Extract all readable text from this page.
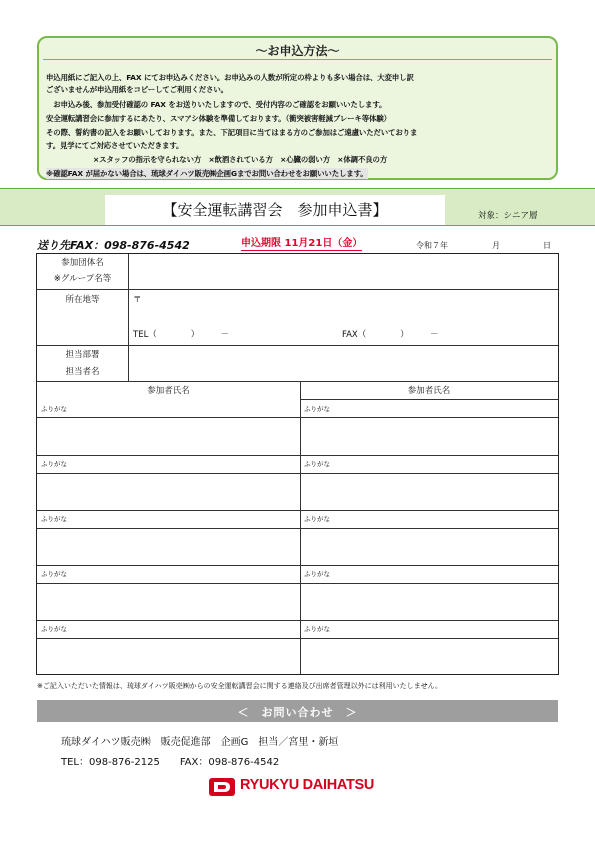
～お申込方法～
申込用紙にご記入の上、FAX にてお申込みください。お申込みの人数が所定の枠よりも多い場合は、大変申し訳
ございませんが申込用紙をコピーしてご利用ください。
　お申込み後、参加受付確認の FAX をお送りいたしますので、受付内容のご確認をお願いいたします。
安全運転講習会に参加するにあたり、スマアシ体験を準備しております。（衝突被害軽減ブレーキ等体験）
その際、誓約書の記入をお願いしております。また、下記項目に当てはまる方のご参加はご遠慮いただいておりま
す。見学にてご対応させていただきます。
×スタッフの指示を守られない方　×飲酒されている方　×心臓の弱い方　×体調不良の方
※確認FAX が届かない場合は、琉球ダイハツ販売㈱企画Gまでお問い合わせをお願いいたします。
【安全運転講習会　参加申込書】	対象：シニア層
送り先FAX：098-876-4542	申込期限 11月21日（金）	令和７年	月	日
参加団体名
※グループ名等
所在地等	〒
TEL（　　　　）　　　－	FAX（　　　　）　　　－
担当部署
担当者名
参加者氏名	参加者氏名
ふりがな	ふりがな
ふりがな	ふりがな
ふりがな	ふりがな
ふりがな	ふりがな
ふりがな	ふりがな
※ご記入いただいた情報は、琉球ダイハツ販売㈱からの安全運転講習会に関する連絡及び出席者管理以外には利用いたしません。
＜　お問い合わせ　＞
琉球ダイハツ販売㈱　販売促進部　企画G　担当／宮里・新垣
TEL：098-876-2125　　FAX：098-876-4542
RYUKYU DAIHATSU
